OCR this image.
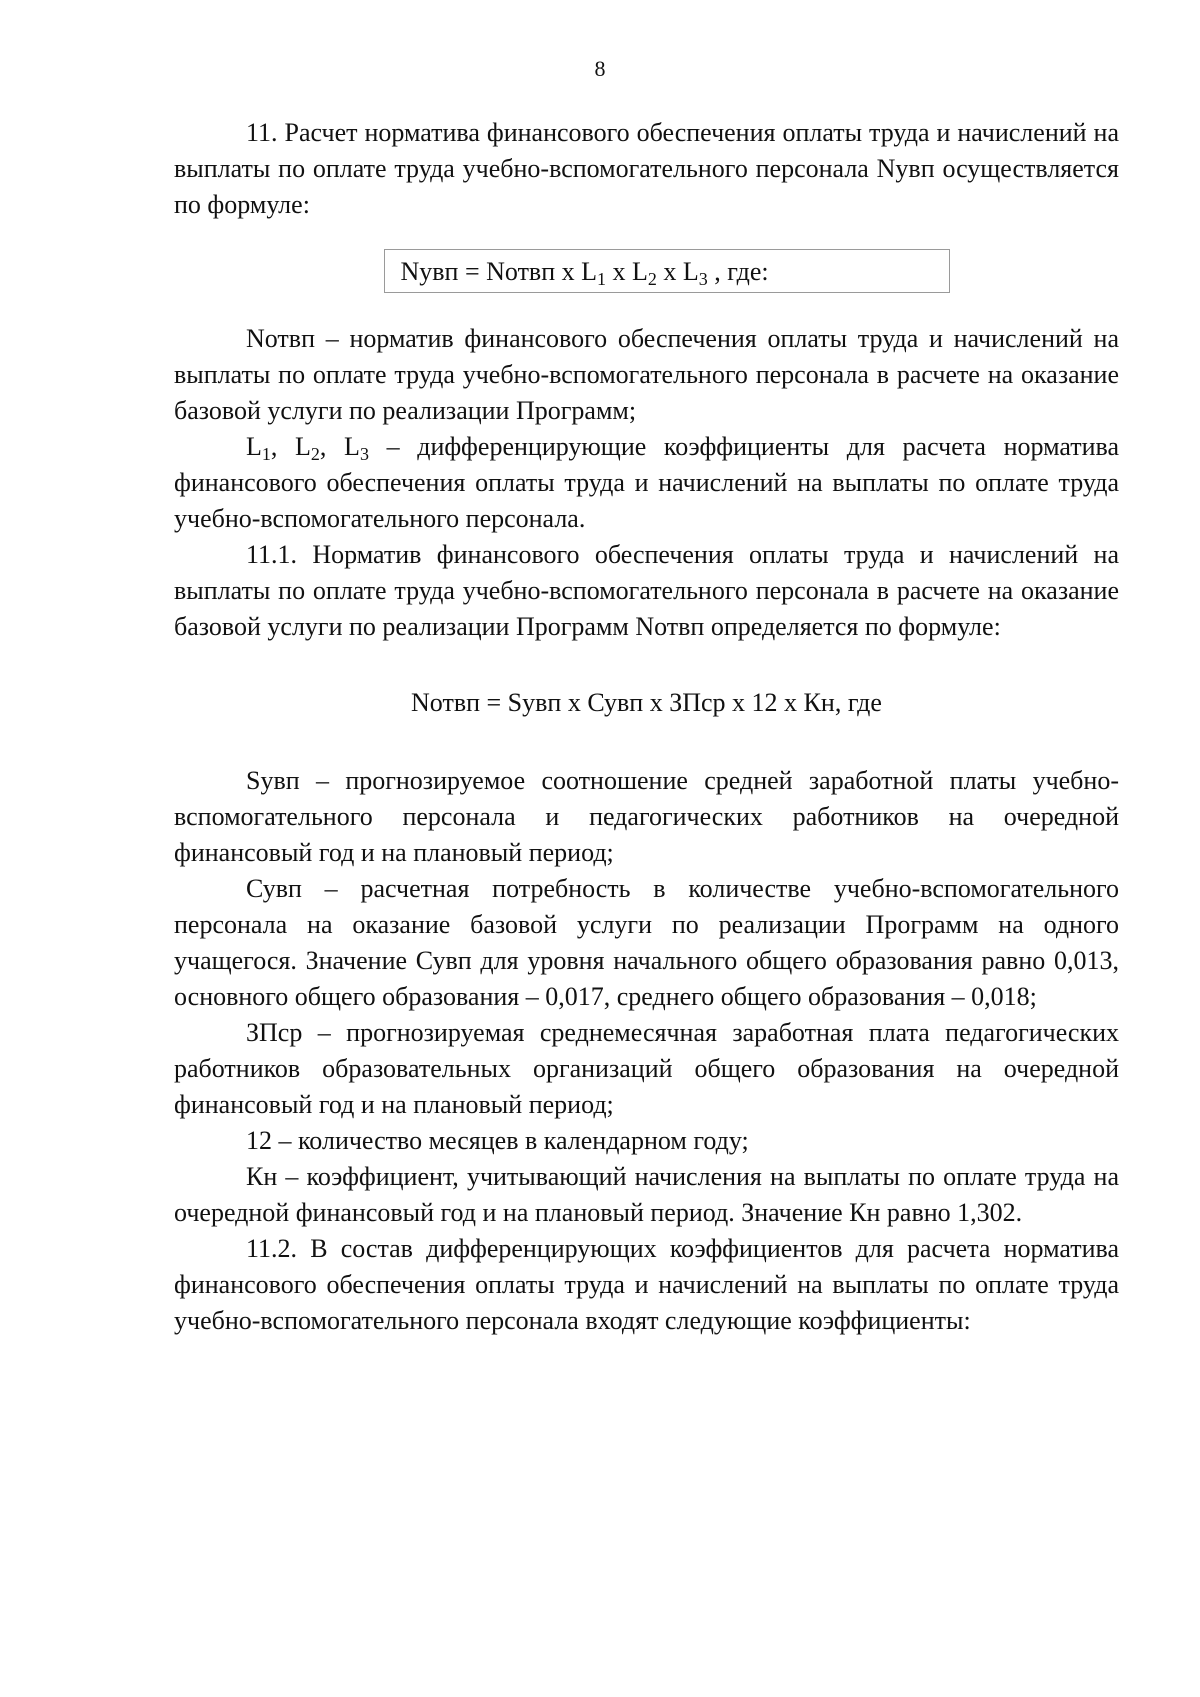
8

11. Расчет норматива финансового обеспечения оплаты труда и начислений на выплаты по оплате труда учебно-вспомогательного персонала Nувп осуществляется по формуле:

Nувп = Nотвп х $L_1$ х $L_2$ х $L_3$ , где:

Nотвп – норматив финансового обеспечения оплаты труда и начислений на выплаты по оплате труда учебно-вспомогательного персонала в расчете на оказание базовой услуги по реализации Программ;

$L_1$, $L_2$, $L_3$ – дифференцирующие коэффициенты для расчета норматива финансового обеспечения оплаты труда и начислений на выплаты по оплате труда учебно-вспомогательного персонала.

11.1. Норматив финансового обеспечения оплаты труда и начислений на выплаты по оплате труда учебно-вспомогательного персонала в расчете на оказание базовой услуги по реализации Программ Nотвп определяется по формуле:

Nотвп = Sувп х Сувп х ЗПср х 12 х Кн, где

Sувп – прогнозируемое соотношение средней заработной платы учебно-вспомогательного персонала и педагогических работников на очередной финансовый год и на плановый период;

Сувп – расчетная потребность в количестве учебно-вспомогательного персонала на оказание базовой услуги по реализации Программ на одного учащегося. Значение Сувп для уровня начального общего образования равно 0,013, основного общего образования – 0,017, среднего общего образования – 0,018;

ЗПср – прогнозируемая среднемесячная заработная плата педагогических работников образовательных организаций общего образования на очередной финансовый год и на плановый период;

12 – количество месяцев в календарном году;

Кн – коэффициент, учитывающий начисления на выплаты по оплате труда на очередной финансовый год и на плановый период. Значение Кн равно 1,302.

11.2. В состав дифференцирующих коэффициентов для расчета норматива финансового обеспечения оплаты труда и начислений на выплаты по оплате труда учебно-вспомогательного персонала входят следующие коэффициенты:
